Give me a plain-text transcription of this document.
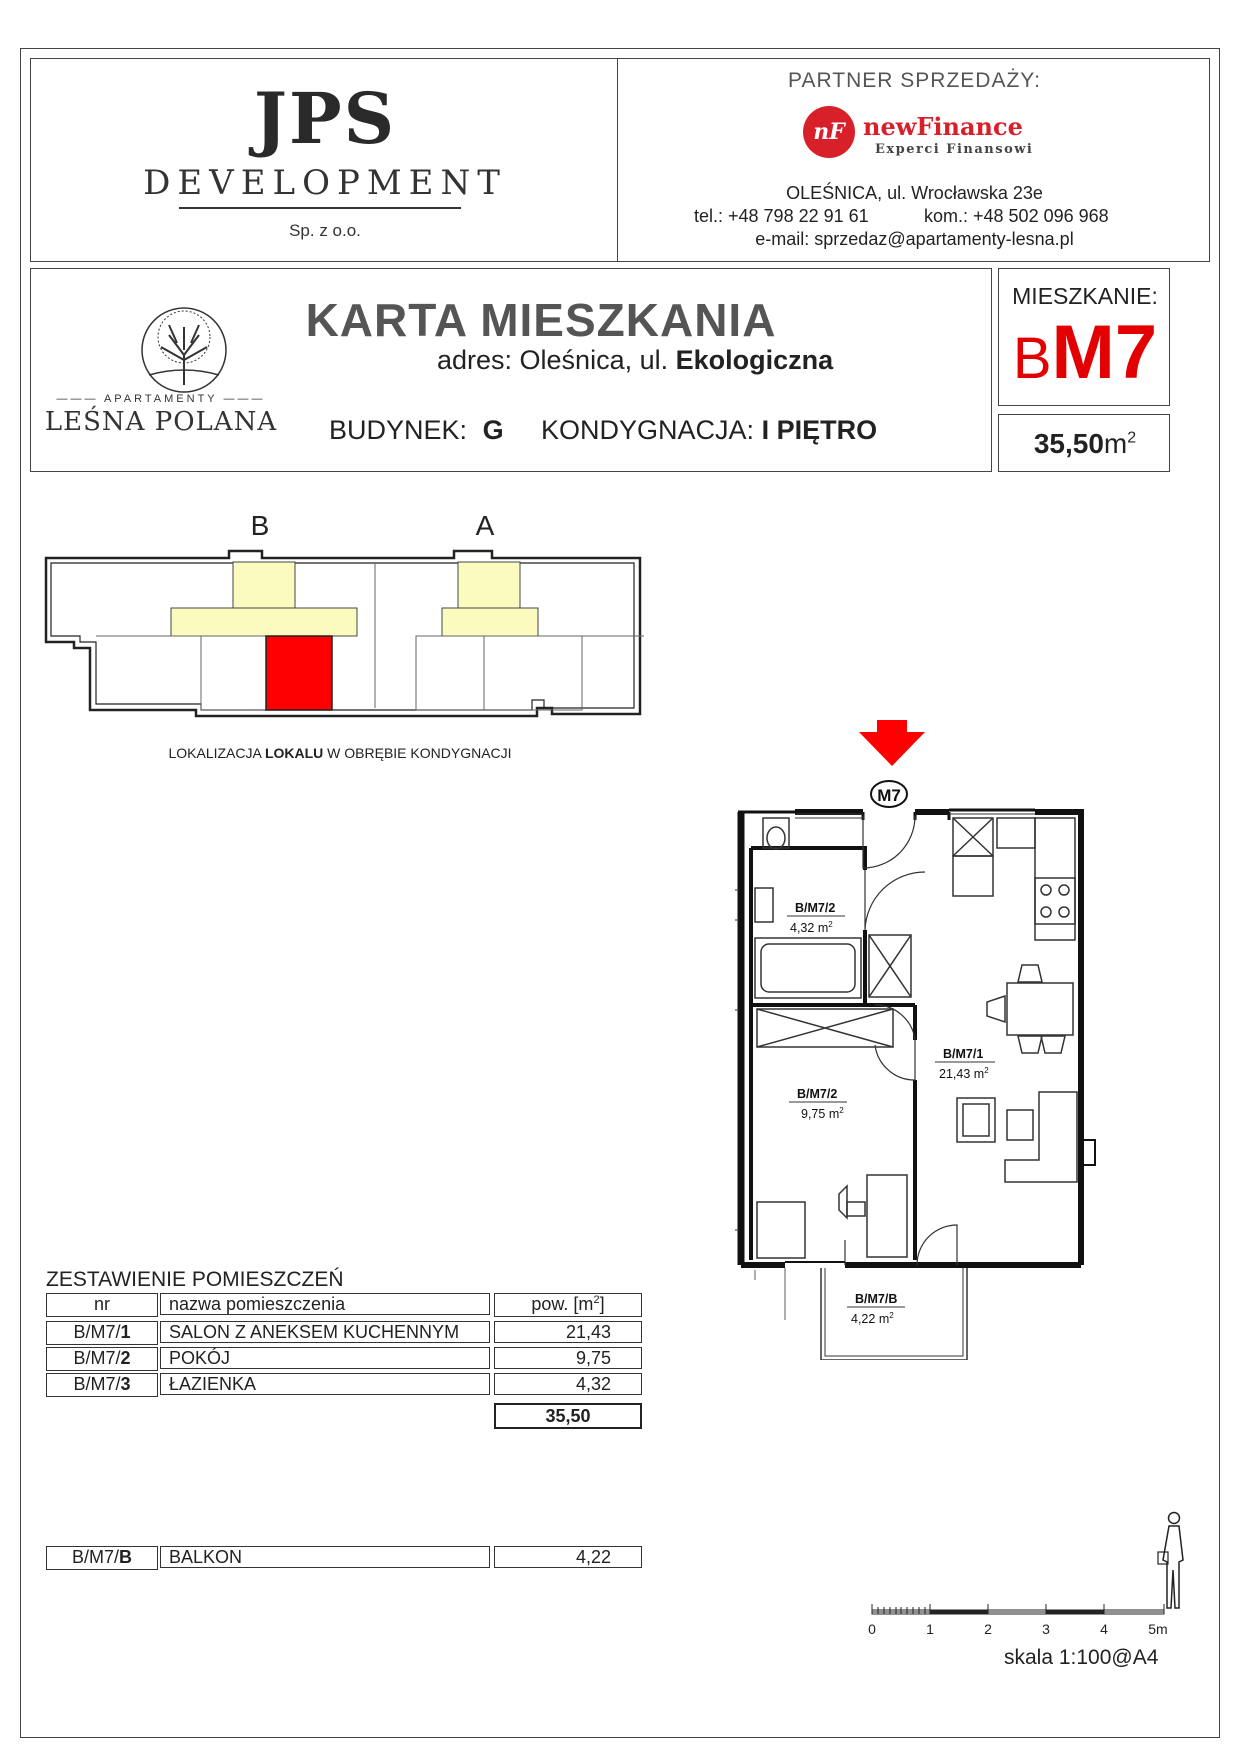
JPS
DEVELOPMENT
Sp. z o.o.
PARTNER SPRZEDAŻY:
nF newFinance
Experci Finansowi
OLEŚNICA, ul. Wrocławska 23e
tel.: +48 798 22 91 61	kom.: +48 502 096 968
e-mail: sprzedaz@apartamenty-lesna.pl
——— APARTAMENTY ———
LEŚNA POLANA
KARTA MIESZKANIA
adres: Oleśnica, ul. Ekologiczna
BUDYNEK: G KONDYGNACJA: I PIĘTRO
MIESZKANIE:
BM7
$35,50m^2$
B	A
LOKALIZACJA LOKALU W OBRĘBIE KONDYGNACJI
M7
B/M7/2
4,32 $m^2$
B/M7/1
21,43 $m^2$
B/M7/2
9,75 $m^2$
B/M7/B
4,22 $m^2$
ZESTAWIENIE POMIESZCZEŃ
nr	nazwa pomieszczenia	pow. $[m^2]$
B/M7/1	SALON Z ANEKSEM KUCHENNYM	21,43
B/M7/2	POKÓJ	9,75
B/M7/3	ŁAZIENKA	4,32
35,50
B/M7/B	BALKON	4,22
0	1	2	3	4	5m
skala 1:100@A4
